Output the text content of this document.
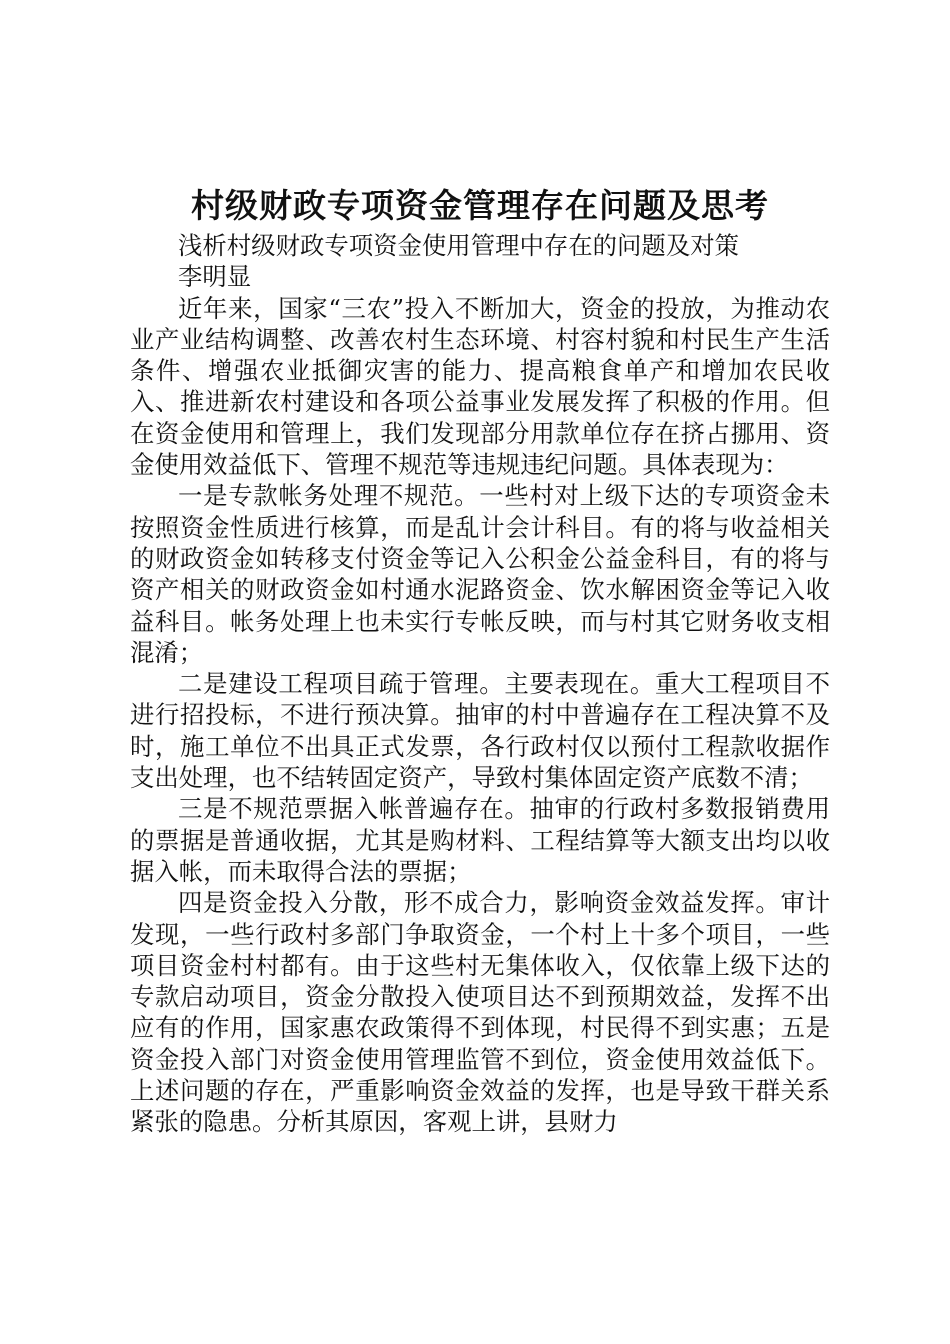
村级财政专项资金管理存在问题及思考

浅析村级财政专项资金使用管理中存在的问题及对策

李明显

近年来，国家“三农”投入不断加大，资金的投放，为推动农业产业结构调整、改善农村生态环境、村容村貌和村民生产生活条件、增强农业抵御灾害的能力、提高粮食单产和增加农民收入、推进新农村建设和各项公益事业发展发挥了积极的作用。但在资金使用和管理上，我们发现部分用款单位存在挤占挪用、资金使用效益低下、管理不规范等违规违纪问题。具体表现为：

一是专款帐务处理不规范。一些村对上级下达的专项资金未按照资金性质进行核算，而是乱计会计科目。有的将与收益相关的财政资金如转移支付资金等记入公积金公益金科目，有的将与资产相关的财政资金如村通水泥路资金、饮水解困资金等记入收益科目。帐务处理上也未实行专帐反映，而与村其它财务收支相混淆；

二是建设工程项目疏于管理。主要表现在。重大工程项目不进行招投标，不进行预决算。抽审的村中普遍存在工程决算不及时，施工单位不出具正式发票，各行政村仅以预付工程款收据作支出处理，也不结转固定资产，导致村集体固定资产底数不清；

三是不规范票据入帐普遍存在。抽审的行政村多数报销费用的票据是普通收据，尤其是购材料、工程结算等大额支出均以收据入帐，而未取得合法的票据；

四是资金投入分散，形不成合力，影响资金效益发挥。审计发现，一些行政村多部门争取资金，一个村上十多个项目，一些项目资金村村都有。由于这些村无集体收入，仅依靠上级下达的专款启动项目，资金分散投入使项目达不到预期效益，发挥不出应有的作用，国家惠农政策得不到体现，村民得不到实惠；五是资金投入部门对资金使用管理监管不到位，资金使用效益低下。上述问题的存在，严重影响资金效益的发挥，也是导致干群关系紧张的隐患。分析其原因，客观上讲，县财力
